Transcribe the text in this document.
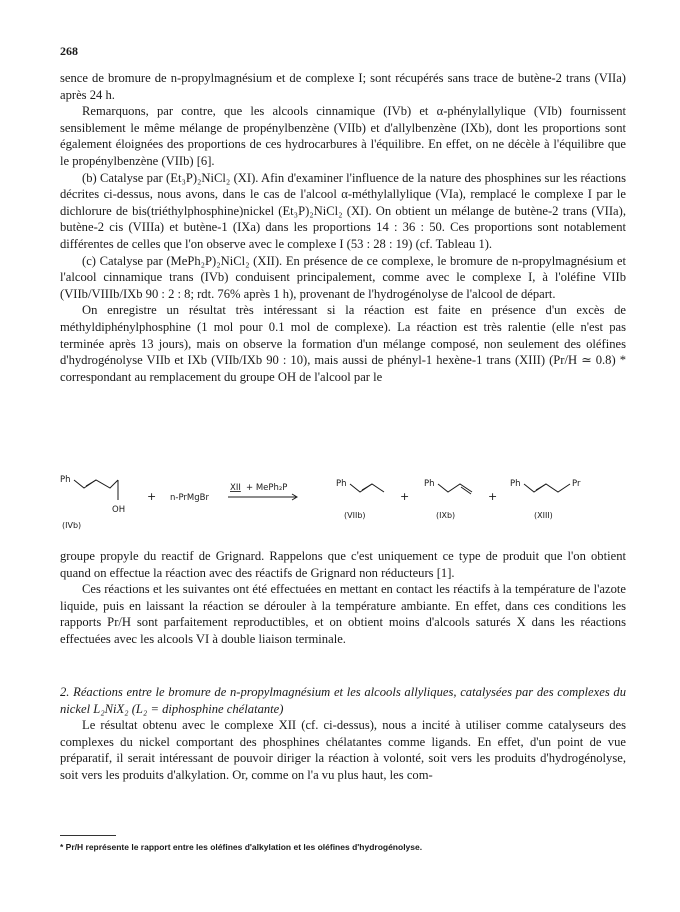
268

sence de bromure de n-propylmagnésium et de complexe I; sont récupérés sans trace de butène-2 trans (VIIa) après 24 h.

Remarquons, par contre, que les alcools cinnamique (IVb) et α-phénylallylique (VIb) fournissent sensiblement le même mélange de propénylbenzène (VIIb) et d'allylbenzène (IXb), dont les proportions sont également éloignées des proportions de ces hydrocarbures à l'équilibre. En effet, on ne décèle à l'équilibre que le propénylbenzène (VIIb) [6].

(b) Catalyse par (Et₃P)₂NiCl₂ (XI). Afin d'examiner l'influence de la nature des phosphines sur les réactions décrites ci-dessus, nous avons, dans le cas de l'alcool α-méthylallylique (VIa), remplacé le complexe I par le dichlorure de bis(triéthylphosphine)nickel (Et₃P)₂NiCl₂ (XI). On obtient un mélange de butène-2 trans (VIIa), butène-2 cis (VIIIa) et butène-1 (IXa) dans les proportions 14 : 36 : 50. Ces proportions sont notablement différentes de celles que l'on observe avec le complexe I (53 : 28 : 19) (cf. Tableau 1).

(c) Catalyse par (MePh₂P)₂NiCl₂ (XII). En présence de ce complexe, le bromure de n-propylmagnésium et l'alcool cinnamique trans (IVb) conduisent principalement, comme avec le complexe I, à l'oléfine VIIb (VIIb/VIIIb/IXb 90 : 2 : 8; rdt. 76% après 1 h), provenant de l'hydrogénolyse de l'alcool de départ.

On enregistre un résultat très intéressant si la réaction est faite en présence d'un excès de méthyldiphénylphosphine (1 mol pour 0.1 mol de complexe). La réaction est très ralentie (elle n'est pas terminée après 13 jours), mais on observe la formation d'un mélange composé, non seulement des oléfines d'hydrogénolyse VIIb et IXb (VIIb/IXb 90 : 10), mais aussi de phényl-1 hexène-1 trans (XIII) (Pr/H ≃ 0.8) * correspondant au remplacement du groupe OH de l'alcool par le

Ph
OH
(IVb)
+ n-PrMgBr
XII + MePh₂P	Ph
(VIIb)
+
Ph
(IXb)
+
Ph	Pr
(XIII)

groupe propyle du reactif de Grignard. Rappelons que c'est uniquement ce type de produit que l'on obtient quand on effectue la réaction avec des réactifs de Grignard non réducteurs [1].

Ces réactions et les suivantes ont été effectuées en mettant en contact les réactifs à la température de l'azote liquide, puis en laissant la réaction se dérouler à la température ambiante. En effet, dans ces conditions les rapports Pr/H sont parfaitement reproductibles, et on obtient moins d'alcools saturés X dans les réactions effectuées avec les alcools VI à double liaison terminale.

2. Réactions entre le bromure de n-propylmagnésium et les alcools allyliques, catalysées par des complexes du nickel L₂NiX₂ (L₂ = diphosphine chélatante)

Le résultat obtenu avec le complexe XII (cf. ci-dessus), nous a incité à utiliser comme catalyseurs des complexes du nickel comportant des phosphines chélatantes comme ligands. En effet, d'un point de vue préparatif, il serait intéressant de pouvoir diriger la réaction à volonté, soit vers les produits d'hydrogénolyse, soit vers les produits d'alkylation. Or, comme on l'a vu plus haut, les com-

* Pr/H représente le rapport entre les oléfines d'alkylation et les oléfines d'hydrogénolyse.
